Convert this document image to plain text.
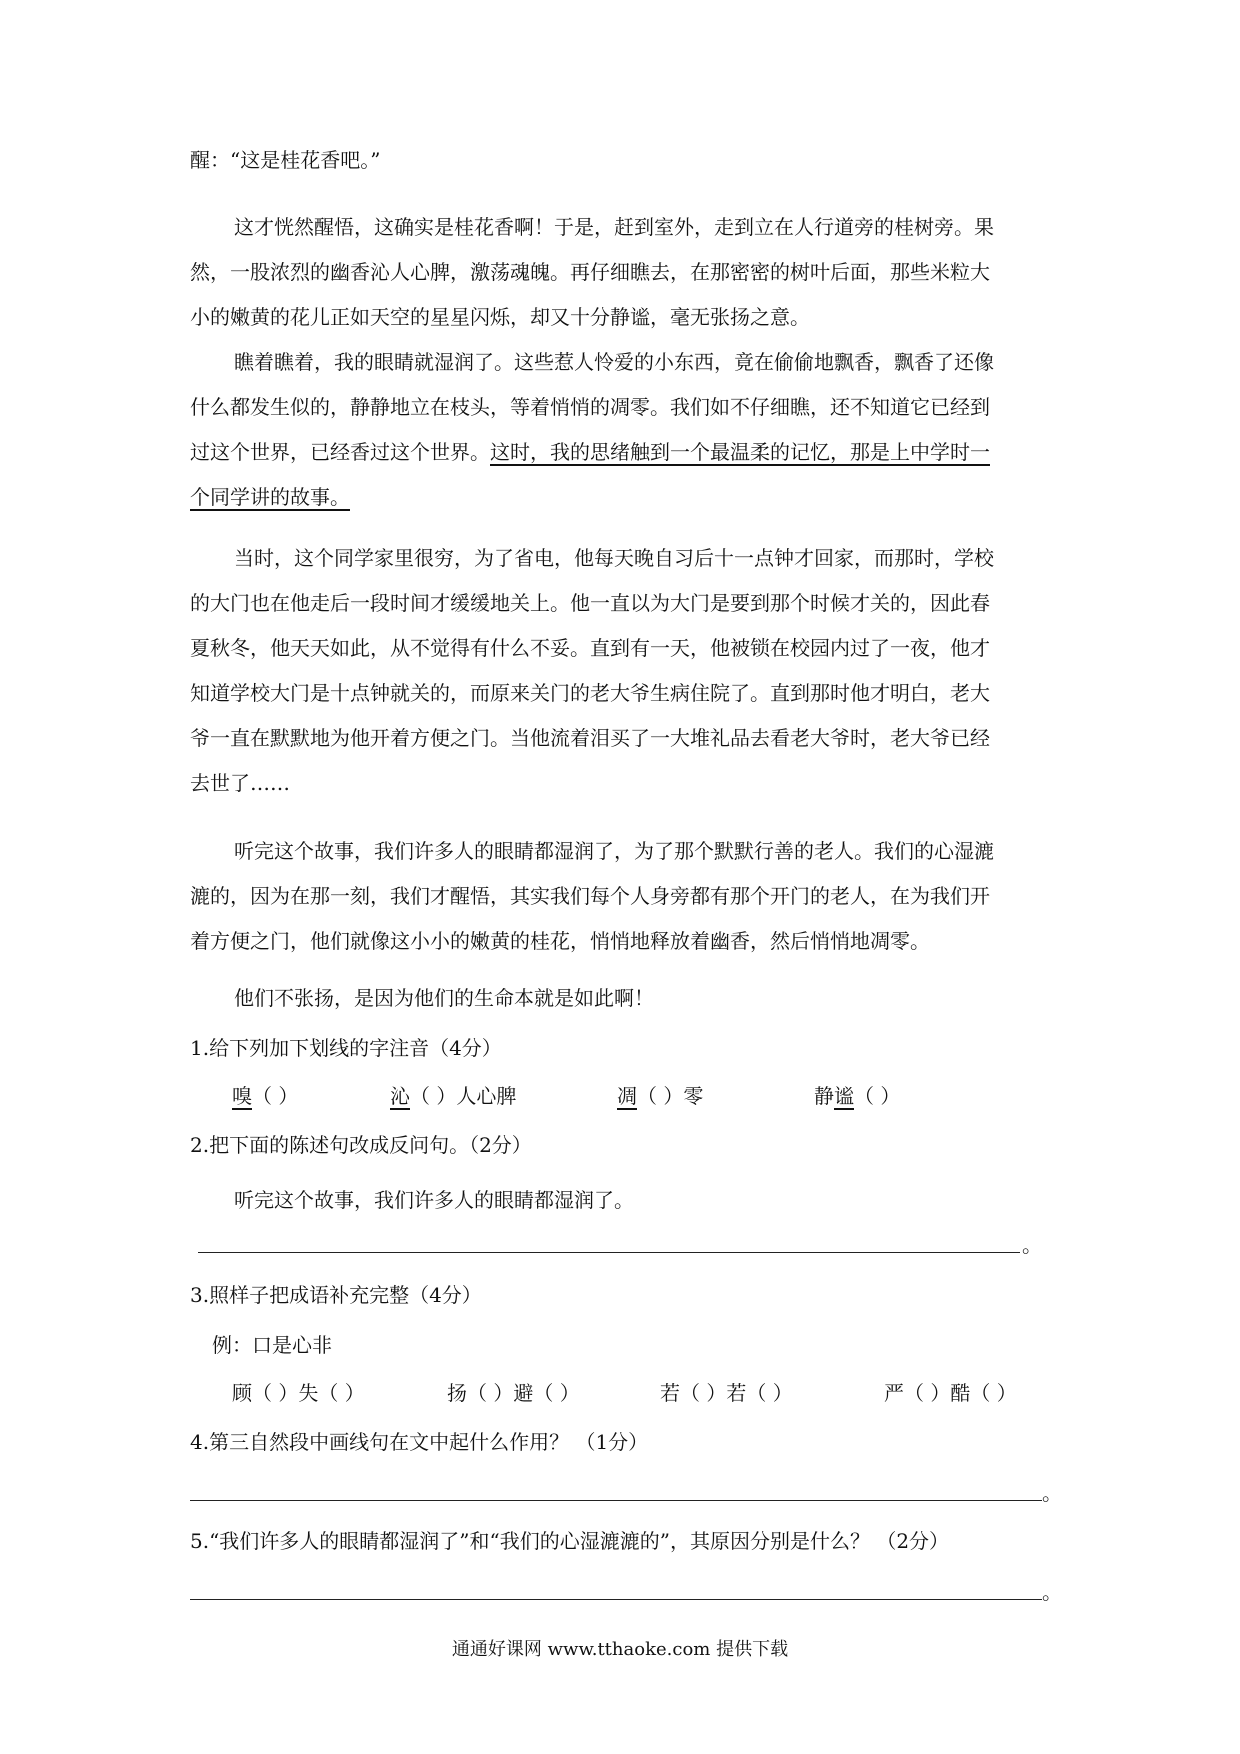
醒：“这是桂花香吧。”
这才恍然醒悟，这确实是桂花香啊！于是，赶到室外，走到立在人行道旁的桂树旁。果
然，一股浓烈的幽香沁人心脾，激荡魂魄。再仔细瞧去，在那密密的树叶后面，那些米粒大
小的嫩黄的花儿正如天空的星星闪烁，却又十分静谧，毫无张扬之意。
瞧着瞧着，我的眼睛就湿润了。这些惹人怜爱的小东西，竟在偷偷地飘香，飘香了还像
什么都发生似的，静静地立在枝头，等着悄悄的凋零。我们如不仔细瞧，还不知道它已经到
过这个世界，已经香过这个世界。这时，我的思绪触到一个最温柔的记忆，那是上中学时一
个同学讲的故事。
当时，这个同学家里很穷，为了省电，他每天晚自习后十一点钟才回家，而那时，学校
的大门也在他走后一段时间才缓缓地关上。他一直以为大门是要到那个时候才关的，因此春
夏秋冬，他天天如此，从不觉得有什么不妥。直到有一天，他被锁在校园内过了一夜，他才
知道学校大门是十点钟就关的，而原来关门的老大爷生病住院了。直到那时他才明白，老大
爷一直在默默地为他开着方便之门。当他流着泪买了一大堆礼品去看老大爷时，老大爷已经
去世了……
听完这个故事，我们许多人的眼睛都湿润了，为了那个默默行善的老人。我们的心湿漉
漉的，因为在那一刻，我们才醒悟，其实我们每个人身旁都有那个开门的老人，在为我们开
着方便之门，他们就像这小小的嫩黄的桂花，悄悄地释放着幽香，然后悄悄地凋零。
他们不张扬，是因为他们的生命本就是如此啊！
1.给下列加下划线的字注音（4分）
嗅（ ）	沁（ ）人心脾	凋（ ）零	静谧（ ）
2.把下面的陈述句改成反问句。（2分）
听完这个故事，我们许多人的眼睛都湿润了。
。
3.照样子把成语补充完整（4分）
例：口是心非
顾（ ）失（ ）	扬（ ）避（ ）	若（ ）若（ ）	严（ ）酷（ ）
4.第三自然段中画线句在文中起什么作用？ （1分）
。
5.“我们许多人的眼睛都湿润了”和“我们的心湿漉漉的”，其原因分别是什么？ （2分）
。
通通好课网 www.tthaoke.com 提供下载
